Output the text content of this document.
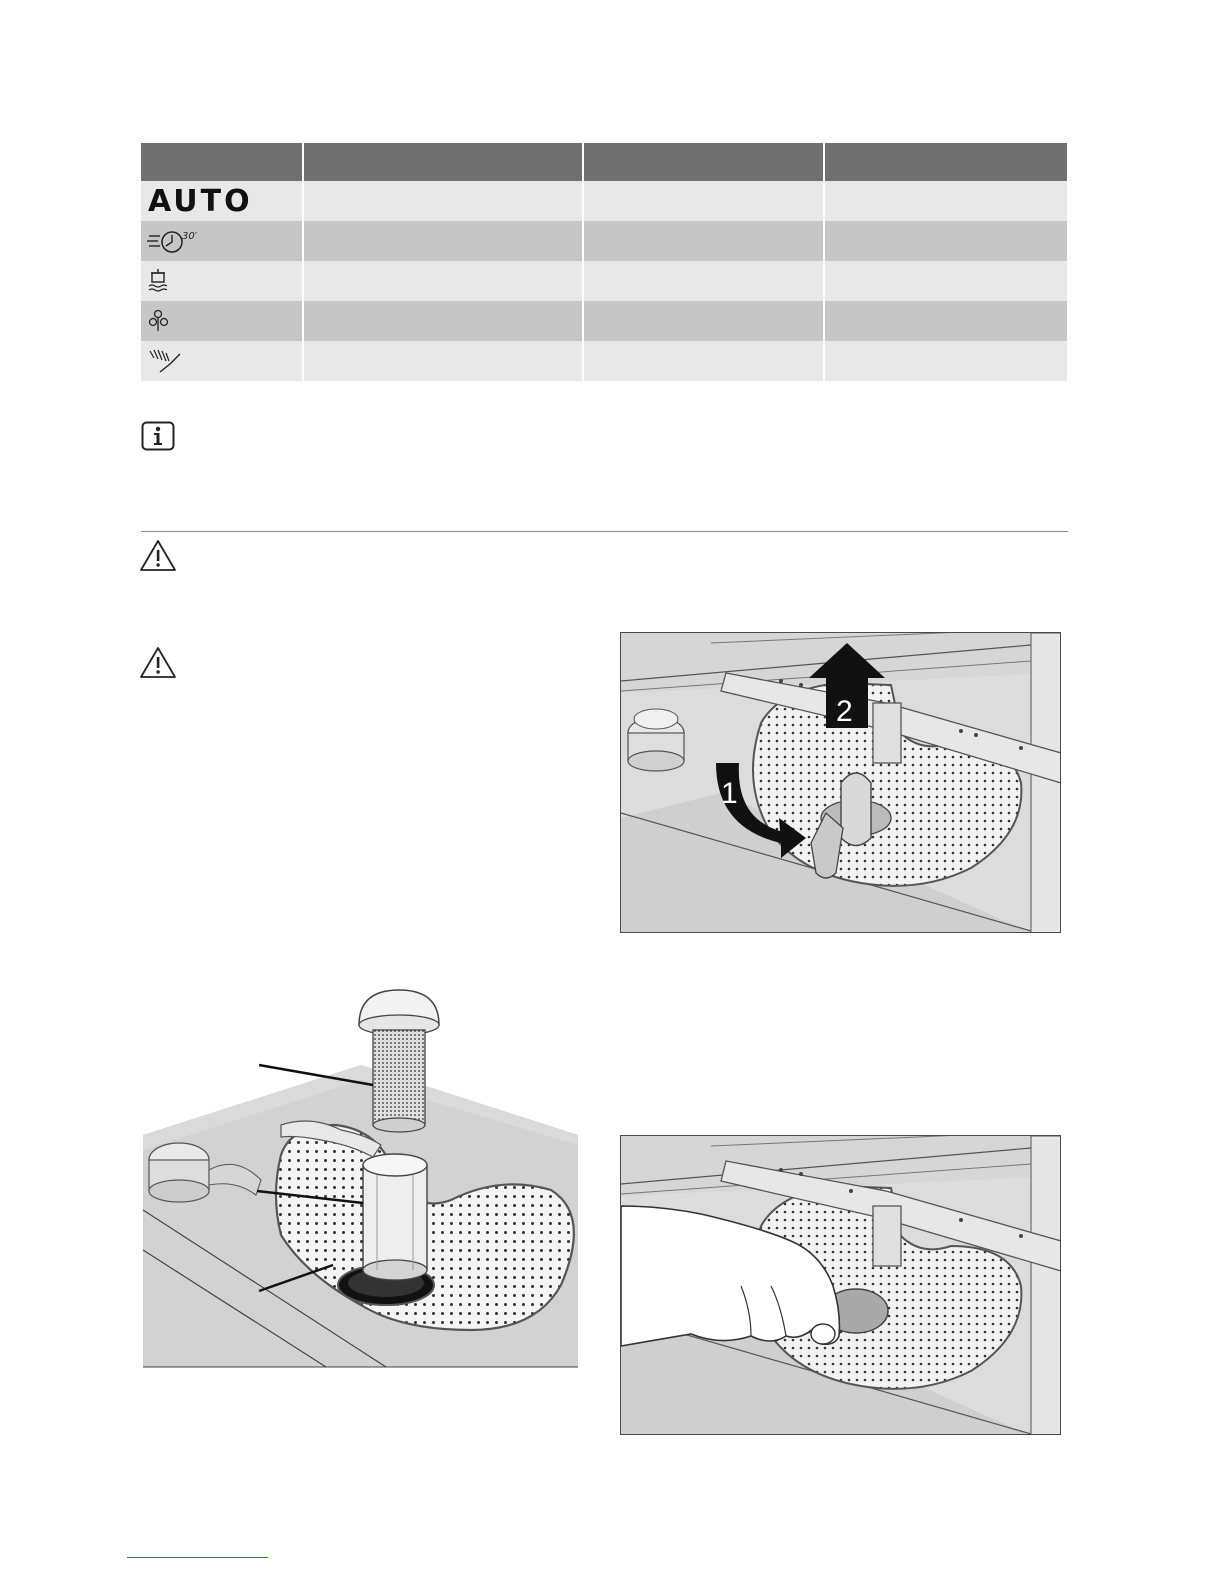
AUTO
30′
1
2
